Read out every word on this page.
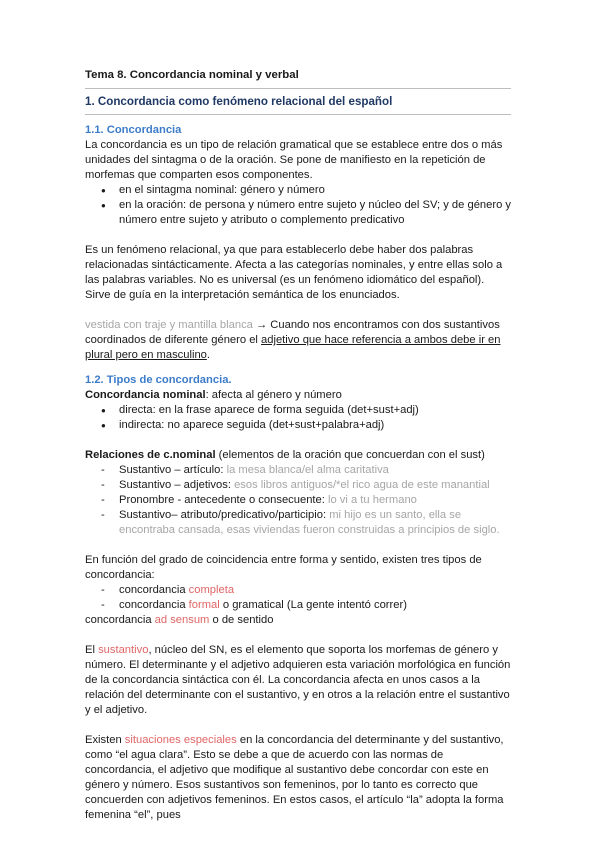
Tema 8. Concordancia nominal y verbal

1. Concordancia como fenómeno relacional del español

1.1. Concordancia

La concordancia es un tipo de relación gramatical que se establece entre dos o más unidades del sintagma o de la oración. Se pone de manifiesto en la repetición de morfemas que comparten esos componentes.

● en el sintagma nominal: género y número
● en la oración: de persona y número entre sujeto y núcleo del SV; y de género y número entre sujeto y atributo o complemento predicativo

Es un fenómeno relacional, ya que para establecerlo debe haber dos palabras relacionadas sintácticamente. Afecta a las categorías nominales, y entre ellas solo a las palabras variables. No es universal (es un fenómeno idiomático del español). Sirve de guía en la interpretación semántica de los enunciados.

vestida con traje y mantilla blanca → Cuando nos encontramos con dos sustantivos coordinados de diferente género el adjetivo que hace referencia a ambos debe ir en plural pero en masculino.

1.2. Tipos de concordancia.

Concordancia nominal: afecta al género y número

● directa: en la frase aparece de forma seguida (det+sust+adj)
● indirecta: no aparece seguida (det+sust+palabra+adj)

Relaciones de c.nominal (elementos de la oración que concuerdan con el sust)

- Sustantivo – artículo: la mesa blanca/el alma caritativa
- Sustantivo – adjetivos: esos libros antiguos/*el rico agua de este manantial
- Pronombre - antecedente o consecuente: lo vi a tu hermano
- Sustantivo– atributo/predicativo/participio: mi hijo es un santo, ella se encontraba cansada, esas viviendas fueron construidas a principios de siglo.

En función del grado de coincidencia entre forma y sentido, existen tres tipos de concordancia:

- concordancia completa
- concordancia formal o gramatical (La gente intentó correr)

concordancia ad sensum o de sentido

El sustantivo, núcleo del SN, es el elemento que soporta los morfemas de género y número. El determinante y el adjetivo adquieren esta variación morfológica en función de la concordancia sintáctica con él. La concordancia afecta en unos casos a la relación del determinante con el sustantivo, y en otros a la relación entre el sustantivo y el adjetivo.

Existen situaciones especiales en la concordancia del determinante y del sustantivo, como “el agua clara”. Esto se debe a que de acuerdo con las normas de concordancia, el adjetivo que modifique al sustantivo debe concordar con este en género y número. Esos sustantivos son femeninos, por lo tanto es correcto que concuerden con adjetivos femeninos. En estos casos, el artículo “la” adopta la forma femenina “el”, pues
